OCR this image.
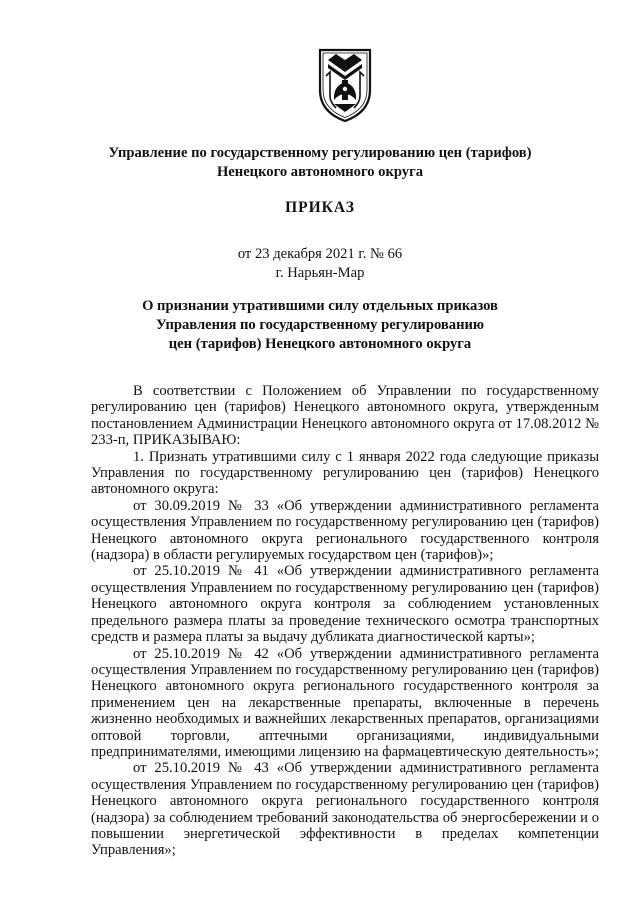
Управление по государственному регулированию цен (тарифов)
Ненецкого автономного округа
ПРИКАЗ
от 23 декабря 2021 г. № 66
г. Нарьян-Мар
О признании утратившими силу отдельных приказов
Управления по государственному регулированию
цен (тарифов) Ненецкого автономного округа

В соответствии с Положением об Управлении по государственному регулированию цен (тарифов) Ненецкого автономного округа, утвержденным постановлением Администрации Ненецкого автономного округа от 17.08.2012 № 233-п, ПРИКАЗЫВАЮ:

1. Признать утратившими силу с 1 января 2022 года следующие приказы Управления по государственному регулированию цен (тарифов) Ненецкого автономного округа:

от 30.09.2019 № 33 «Об утверждении административного регламента осуществления Управлением по государственному регулированию цен (тарифов) Ненецкого автономного округа регионального государственного контроля (надзора) в области регулируемых государством цен (тарифов)»;

от 25.10.2019 № 41 «Об утверждении административного регламента осуществления Управлением по государственному регулированию цен (тарифов) Ненецкого автономного округа контроля за соблюдением установленных предельного размера платы за проведение технического осмотра транспортных средств и размера платы за выдачу дубликата диагностической карты»;

от 25.10.2019 № 42 «Об утверждении административного регламента осуществления Управлением по государственному регулированию цен (тарифов) Ненецкого автономного округа регионального государственного контроля за применением цен на лекарственные препараты, включенные в перечень жизненно необходимых и важнейших лекарственных препаратов, организациями оптовой торговли, аптечными организациями, индивидуальными предпринимателями, имеющими лицензию на фармацевтическую деятельность»;

от 25.10.2019 № 43 «Об утверждении административного регламента осуществления Управлением по государственному регулированию цен (тарифов) Ненецкого автономного округа регионального государственного контроля (надзора) за соблюдением требований законодательства об энергосбережении и о повышении энергетической эффективности в пределах компетенции Управления»;
